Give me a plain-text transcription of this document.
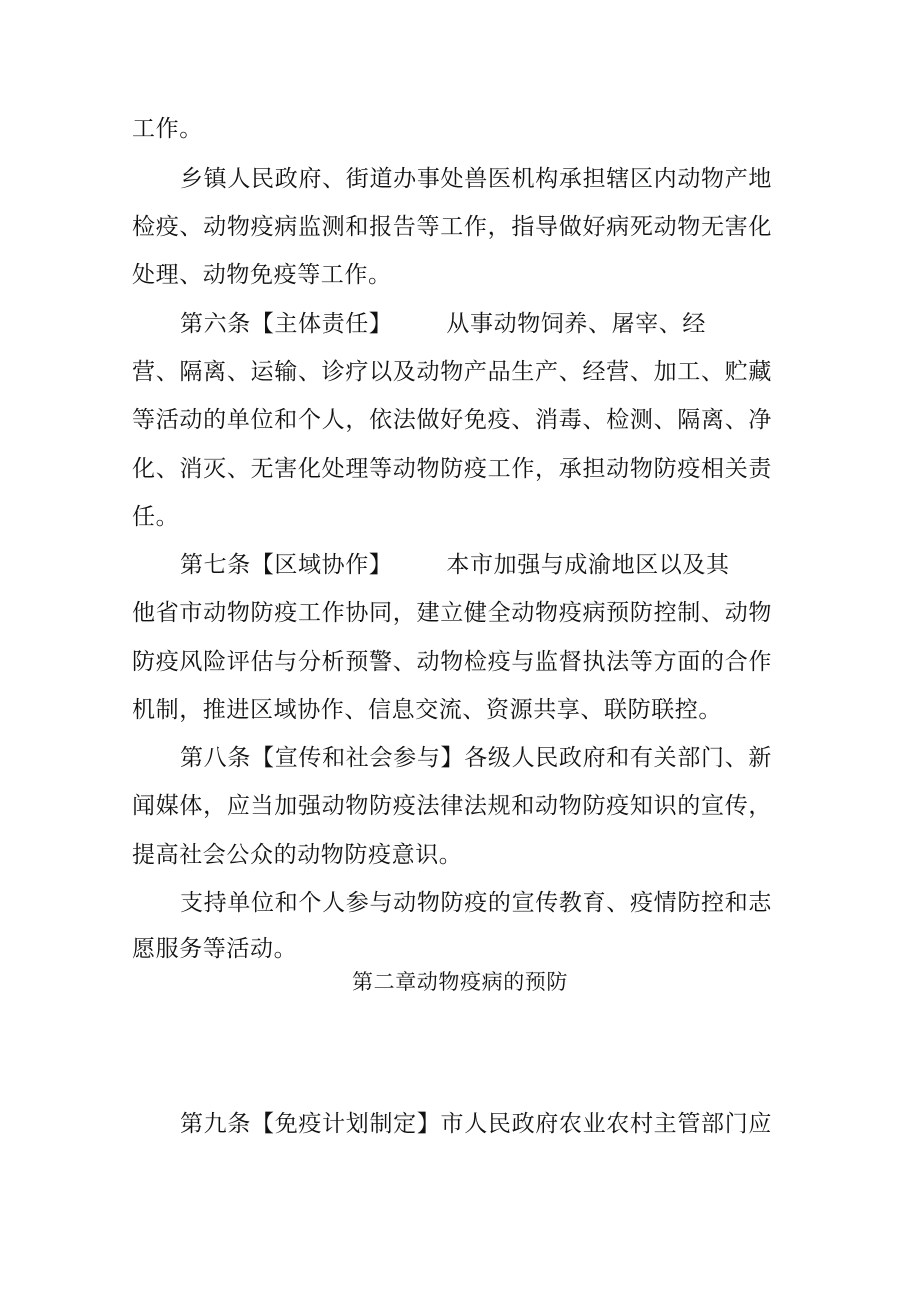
工作。
乡镇人民政府、街道办事处兽医机构承担辖区内动物产地
检疫、动物疫病监测和报告等工作，指导做好病死动物无害化
处理、动物免疫等工作。
第六条【主体责任】 从事动物饲养、屠宰、经
营、隔离、运输、诊疗以及动物产品生产、经营、加工、贮藏
等活动的单位和个人，依法做好免疫、消毒、检测、隔离、净
化、消灭、无害化处理等动物防疫工作，承担动物防疫相关责
任。
第七条【区域协作】 本市加强与成渝地区以及其
他省市动物防疫工作协同，建立健全动物疫病预防控制、动物
防疫风险评估与分析预警、动物检疫与监督执法等方面的合作
机制，推进区域协作、信息交流、资源共享、联防联控。
第八条【宣传和社会参与】各级人民政府和有关部门、新
闻媒体，应当加强动物防疫法律法规和动物防疫知识的宣传，
提高社会公众的动物防疫意识。
支持单位和个人参与动物防疫的宣传教育、疫情防控和志
愿服务等活动。
第二章动物疫病的预防
第九条【免疫计划制定】市人民政府农业农村主管部门应
